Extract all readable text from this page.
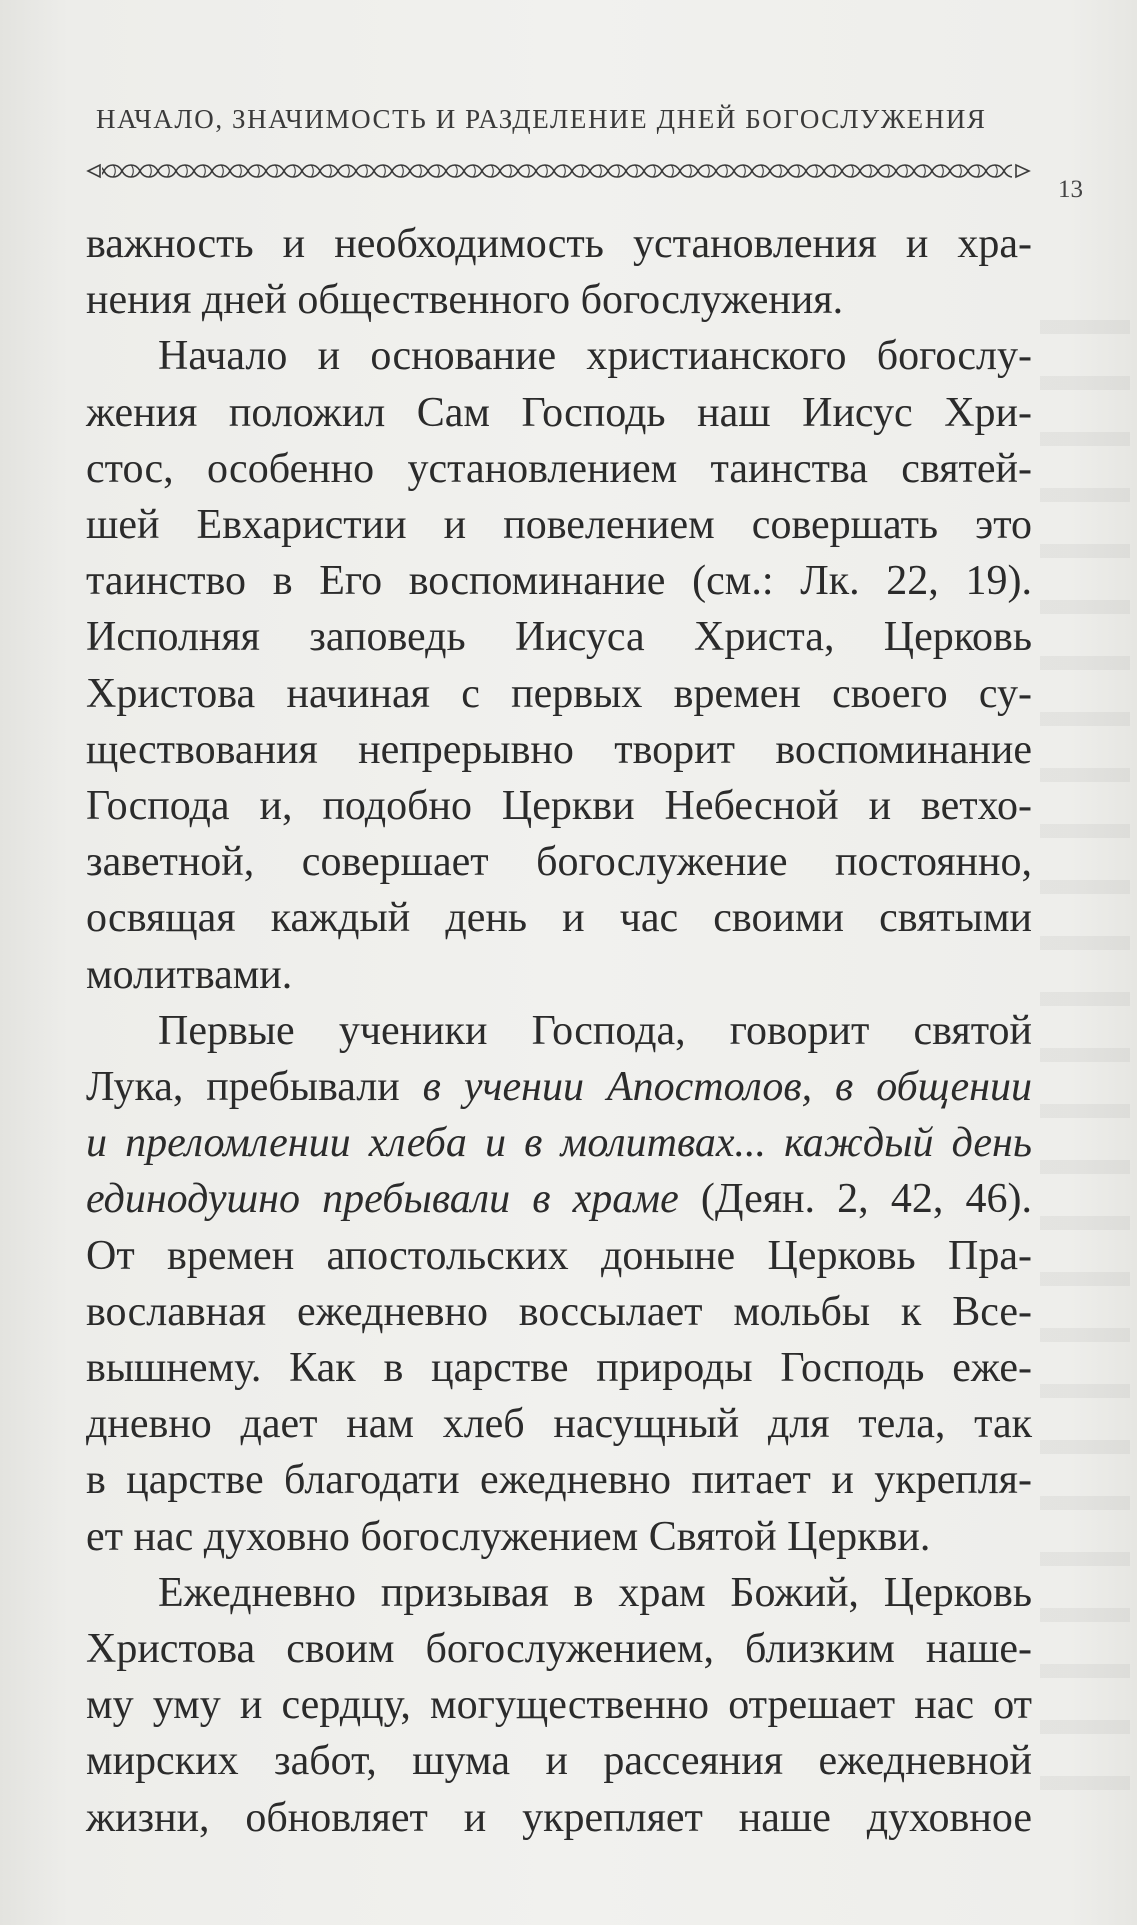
НАЧАЛО, ЗНАЧИМОСТЬ И РАЗДЕЛЕНИЕ ДНЕЙ БОГОСЛУЖЕНИЯ
13
важность и необходимость установления и хра-
нения дней общественного богослужения.
Начало и основание христианского богослу-
жения положил Сам Господь наш Иисус Хри-
стос, особенно установлением таинства святей-
шей Евхаристии и повелением совершать это
таинство в Его воспоминание (см.: Лк. 22, 19).
Исполняя заповедь Иисуса Христа, Церковь
Христова начиная с первых времен своего су-
ществования непрерывно творит воспоминание
Господа и, подобно Церкви Небесной и ветхо-
заветной, совершает богослужение постоянно,
освящая каждый день и час своими святыми
молитвами.
Первые ученики Господа, говорит святой
Лука, пребывали в учении Апостолов, в общении
и преломлении хлеба и в молитвах... каждый день
единодушно пребывали в храме (Деян. 2, 42, 46).
От времен апостольских доныне Церковь Пра-
вославная ежедневно воссылает мольбы к Все-
вышнему. Как в царстве природы Господь еже-
дневно дает нам хлеб насущный для тела, так
в царстве благодати ежедневно питает и укрепля-
ет нас духовно богослужением Святой Церкви.
Ежедневно призывая в храм Божий, Церковь
Христова своим богослужением, близким наше-
му уму и сердцу, могущественно отрешает нас от
мирских забот, шума и рассеяния ежедневной
жизни, обновляет и укрепляет наше духовное
